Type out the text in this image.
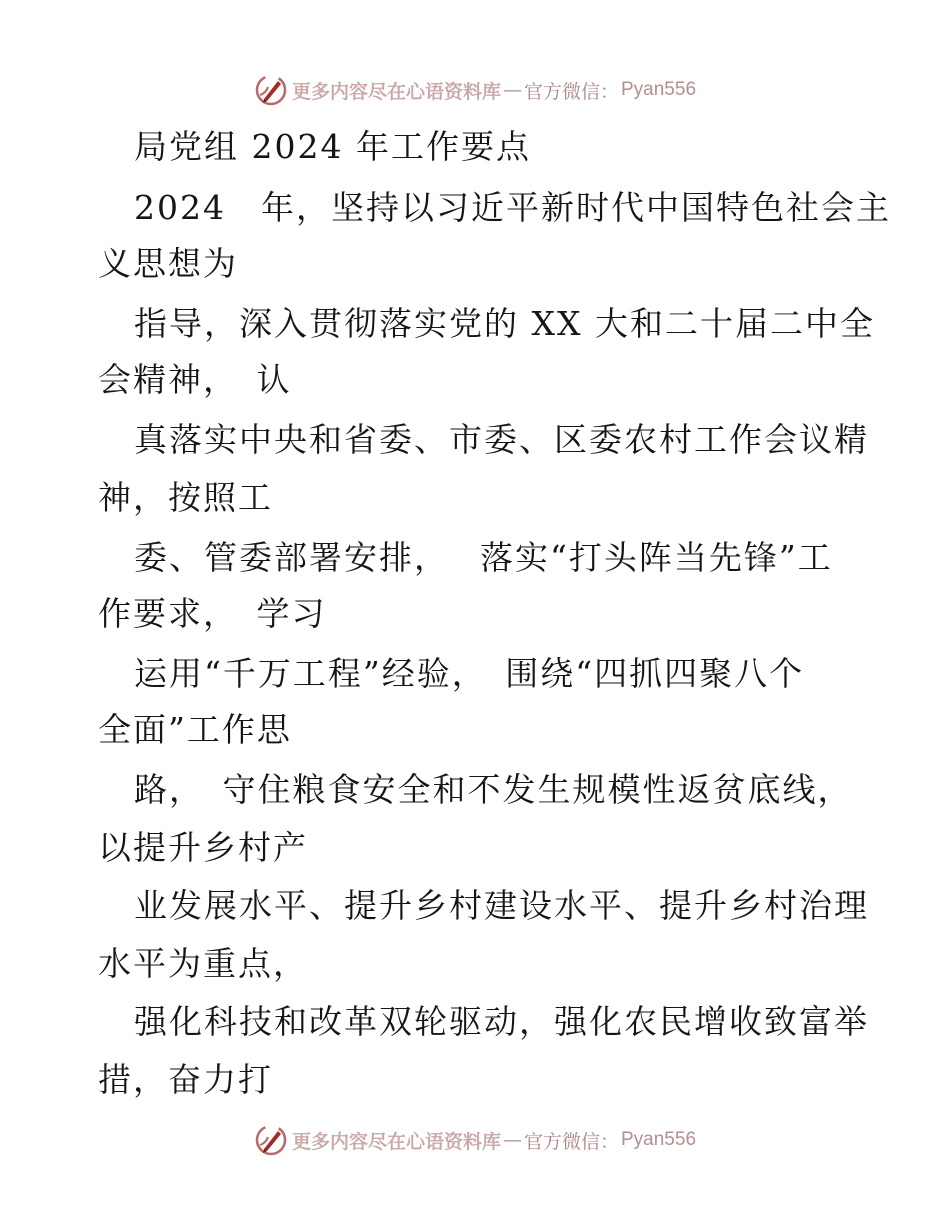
更多内容尽在心语资料库 — 官方微信： Pyan556
局党组 2024 年工作要点
2024　年，坚持以习近平新时代中国特色社会主
义思想为
指导，深入贯彻落实党的 XX 大和二十届二中全
会精神，　认
真落实中央和省委、市委、区委农村工作会议精
神，按照工
委、管委部署安排，　 落实“打头阵当先锋”工
作要求，　学习
运用“千万工程”经验，　围绕“四抓四聚八个
全面”工作思
路，　守住粮食安全和不发生规模性返贫底线，
以提升乡村产
业发展水平、提升乡村建设水平、提升乡村治理
水平为重点，
强化科技和改革双轮驱动，强化农民增收致富举
措，奋力打
更多内容尽在心语资料库 — 官方微信： Pyan556
